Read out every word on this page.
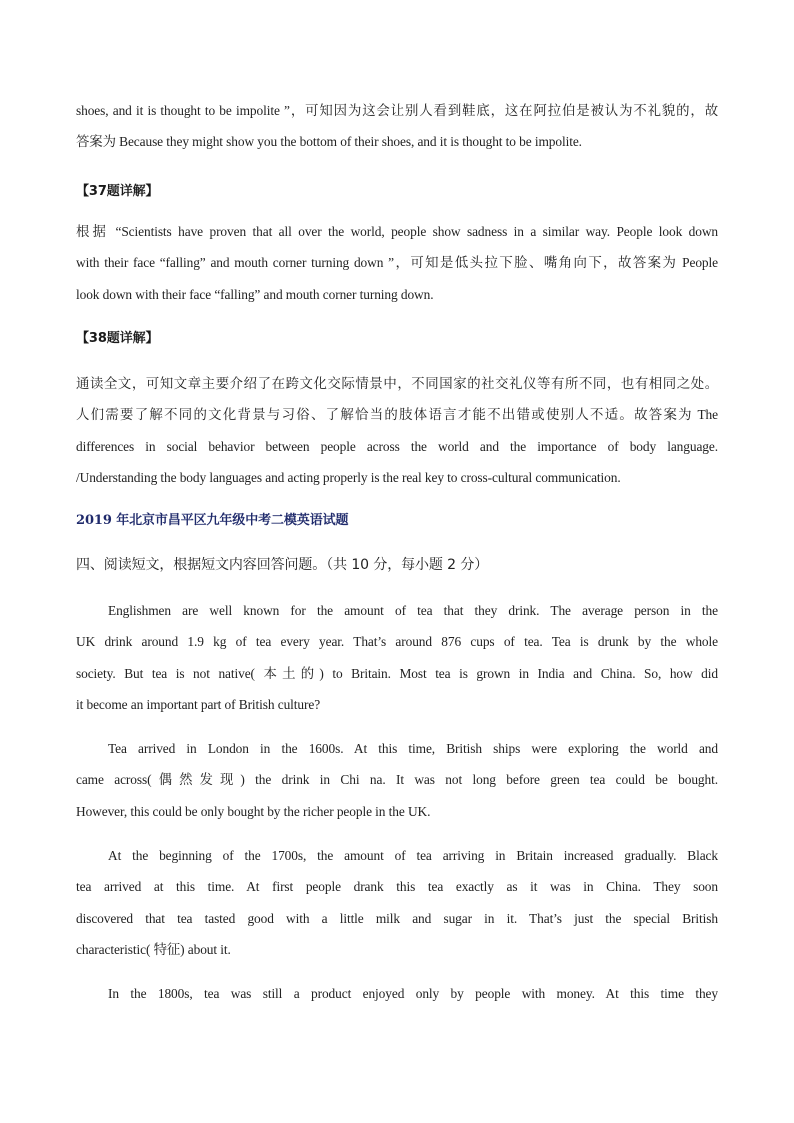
shoes, and it is thought to be impolite ”，可知因为这会让别人看到鞋底，这在阿拉伯是被认为不礼貌的，故
答案为 Because they might show you the bottom of their shoes, and it is thought to be impolite.
【37题详解】
根据 “Scientists have proven that all over the world, people show sadness in a similar way. People look down
with their face “falling” and mouth corner turning down ”，可知是低头拉下脸、嘴角向下，故答案为 People
look down with their face “falling” and mouth corner turning down.
【38题详解】
通读全文，可知文章主要介绍了在跨文化交际情景中，不同国家的社交礼仪等有所不同，也有相同之处。
人们需要了解不同的文化背景与习俗、了解恰当的肢体语言才能不出错或使别人不适。故答案为 The
differences in social behavior between people across the world and the importance of body language.
/Understanding the body languages and acting properly is the real key to cross-cultural communication.
2019 年北京市昌平区九年级中考二模英语试题
四、阅读短文，根据短文内容回答问题。（共 10 分，每小题 2 分）
Englishmen are well known for the amount of tea that they drink. The average person in the
UK drink around 1.9 kg of tea every year. That’s around 876 cups of tea. Tea is drunk by the whole
society. But tea is not native( 本土的) to Britain. Most tea is grown in India and China. So, how did
it become an important part of British culture?
Tea arrived in London in the 1600s. At this time, British ships were exploring the world and
came across(偶然发现) the drink in Chi na. It was not long before green tea could be bought.
However, this could be only bought by the richer people in the UK.
At the beginning of the 1700s, the amount of tea arriving in Britain increased gradually. Black
tea arrived at this time. At first people drank this tea exactly as it was in China. They soon
discovered that tea tasted good with a little milk and sugar in it. That’s just the special British
characteristic( 特征) about it.
In the 1800s, tea was still a product enjoyed only by people with money. At this time they
